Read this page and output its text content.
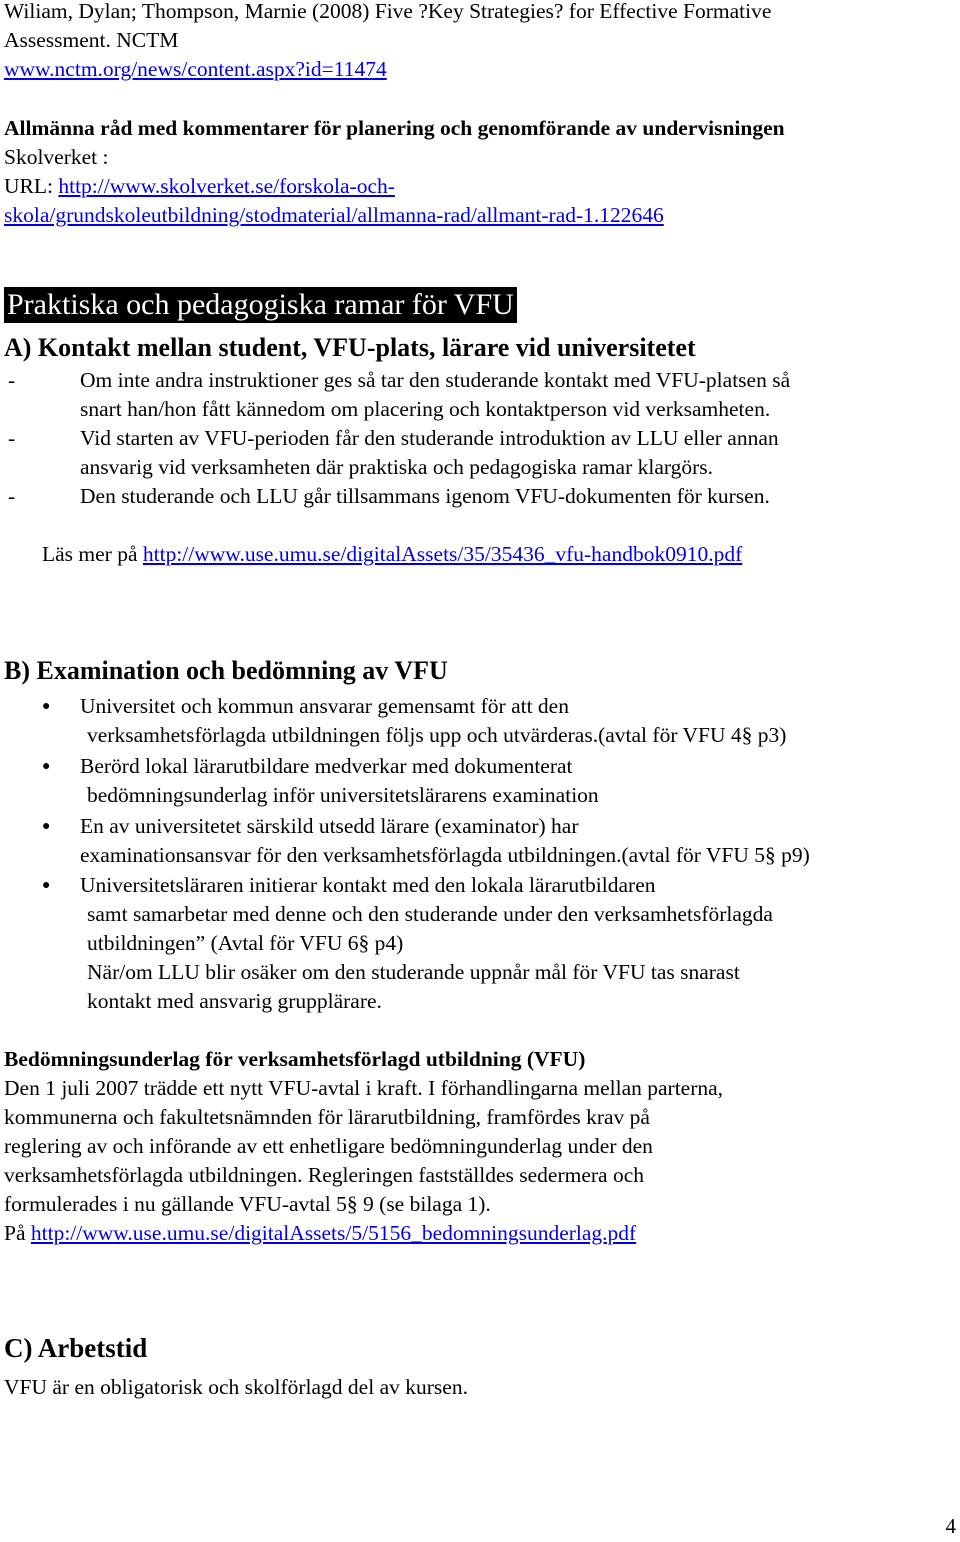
Wiliam, Dylan; Thompson, Marnie (2008) Five ?Key Strategies? for Effective Formative
Assessment. NCTM
www.nctm.org/news/content.aspx?id=11474
Allmänna råd med kommentarer för planering och genomförande av undervisningen
Skolverket :
URL: http://www.skolverket.se/forskola-och-
skola/grundskoleutbildning/stodmaterial/allmanna-rad/allmant-rad-1.122646
Praktiska och pedagogiska ramar för VFU
A) Kontakt mellan student, VFU-plats, lärare vid universitetet
-	Om inte andra instruktioner ges så tar den studerande kontakt med VFU-platsen så
snart han/hon fått kännedom om placering och kontaktperson vid verksamheten.
-	Vid starten av VFU-perioden får den studerande introduktion av LLU eller annan
ansvarig vid verksamheten där praktiska och pedagogiska ramar klargörs.
-	Den studerande och LLU går tillsammans igenom VFU-dokumenten för kursen.
Läs mer på http://www.use.umu.se/digitalAssets/35/35436_vfu-handbok0910.pdf
B) Examination och bedömning av VFU
● Universitet och kommun ansvarar gemensamt för att den
verksamhetsförlagda utbildningen följs upp och utvärderas.(avtal för VFU 4§ p3)
● Berörd lokal lärarutbildare medverkar med dokumenterat
bedömningsunderlag inför universitetslärarens examination
● En av universitetet särskild utsedd lärare (examinator) har
examinationsansvar för den verksamhetsförlagda utbildningen.(avtal för VFU 5§ p9)
● Universitetsläraren initierar kontakt med den lokala lärarutbildaren
samt samarbetar med denne och den studerande under den verksamhetsförlagda
utbildningen” (Avtal för VFU 6§ p4)
När/om LLU blir osäker om den studerande uppnår mål för VFU tas snarast
kontakt med ansvarig grupplärare.
Bedömningsunderlag för verksamhetsförlagd utbildning (VFU)
Den 1 juli 2007 trädde ett nytt VFU-avtal i kraft. I förhandlingarna mellan parterna,
kommunerna och fakultetsnämnden för lärarutbildning, framfördes krav på
reglering av och införande av ett enhetligare bedömningunderlag under den
verksamhetsförlagda utbildningen. Regleringen fastställdes sedermera och
formulerades i nu gällande VFU-avtal 5§ 9 (se bilaga 1).
På http://www.use.umu.se/digitalAssets/5/5156_bedomningsunderlag.pdf
C) Arbetstid
VFU är en obligatorisk och skolförlagd del av kursen.
4
